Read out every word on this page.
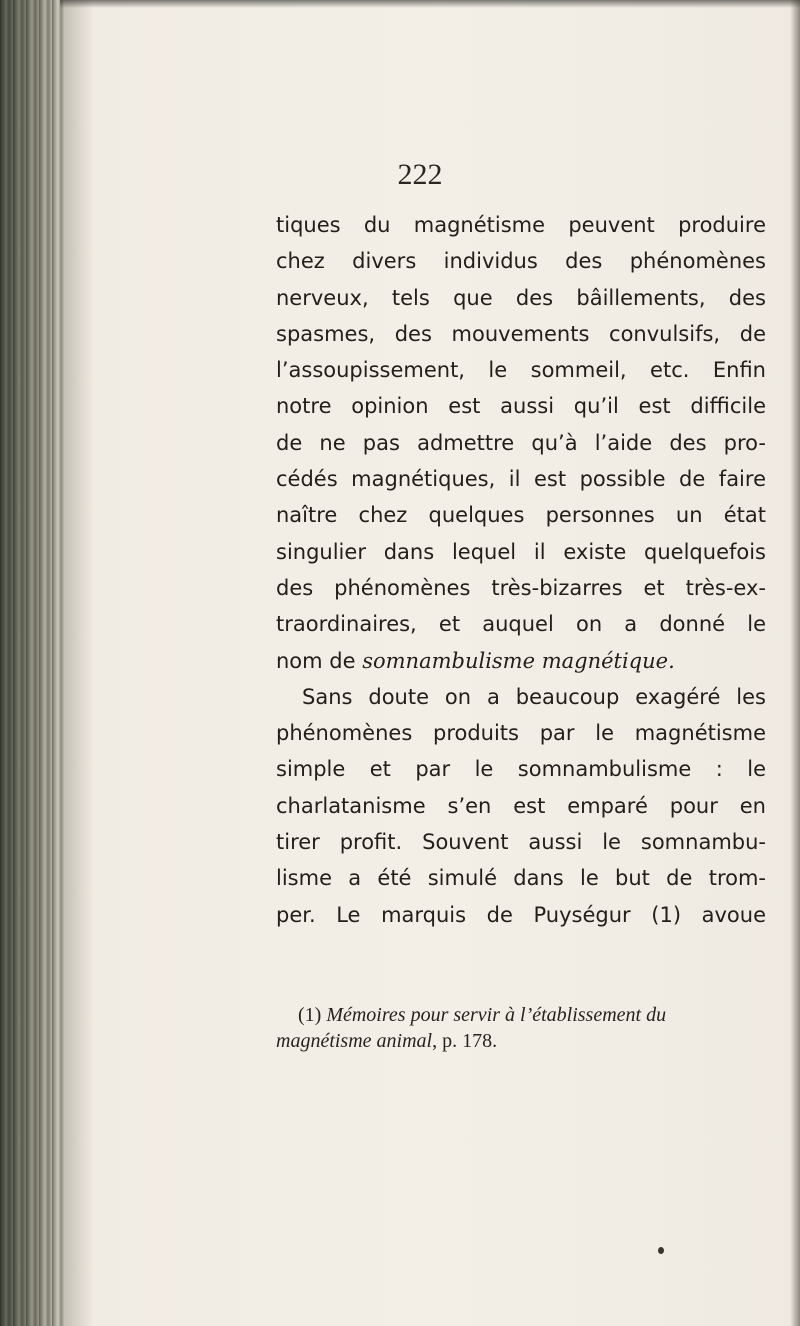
222
tiques du magnétisme peuvent produire
chez divers individus des phénomènes
nerveux, tels que des bâillements, des
spasmes, des mouvements convulsifs, de
l’assoupissement, le sommeil, etc. Enfin
notre opinion est aussi qu’il est difficile
de ne pas admettre qu’à l’aide des pro-
cédés magnétiques, il est possible de faire
naître chez quelques personnes un état
singulier dans lequel il existe quelquefois
des phénomènes très-bizarres et très-ex-
traordinaires, et auquel on a donné le
nom de somnambulisme magnétique.
Sans doute on a beaucoup exagéré les
phénomènes produits par le magnétisme
simple et par le somnambulisme : le
charlatanisme s’en est emparé pour en
tirer profit. Souvent aussi le somnambu-
lisme a été simulé dans le but de trom-
per. Le marquis de Puységur (1) avoue
(1) Mémoires pour servir à l’établissement du
magnétisme animal, p. 178.
